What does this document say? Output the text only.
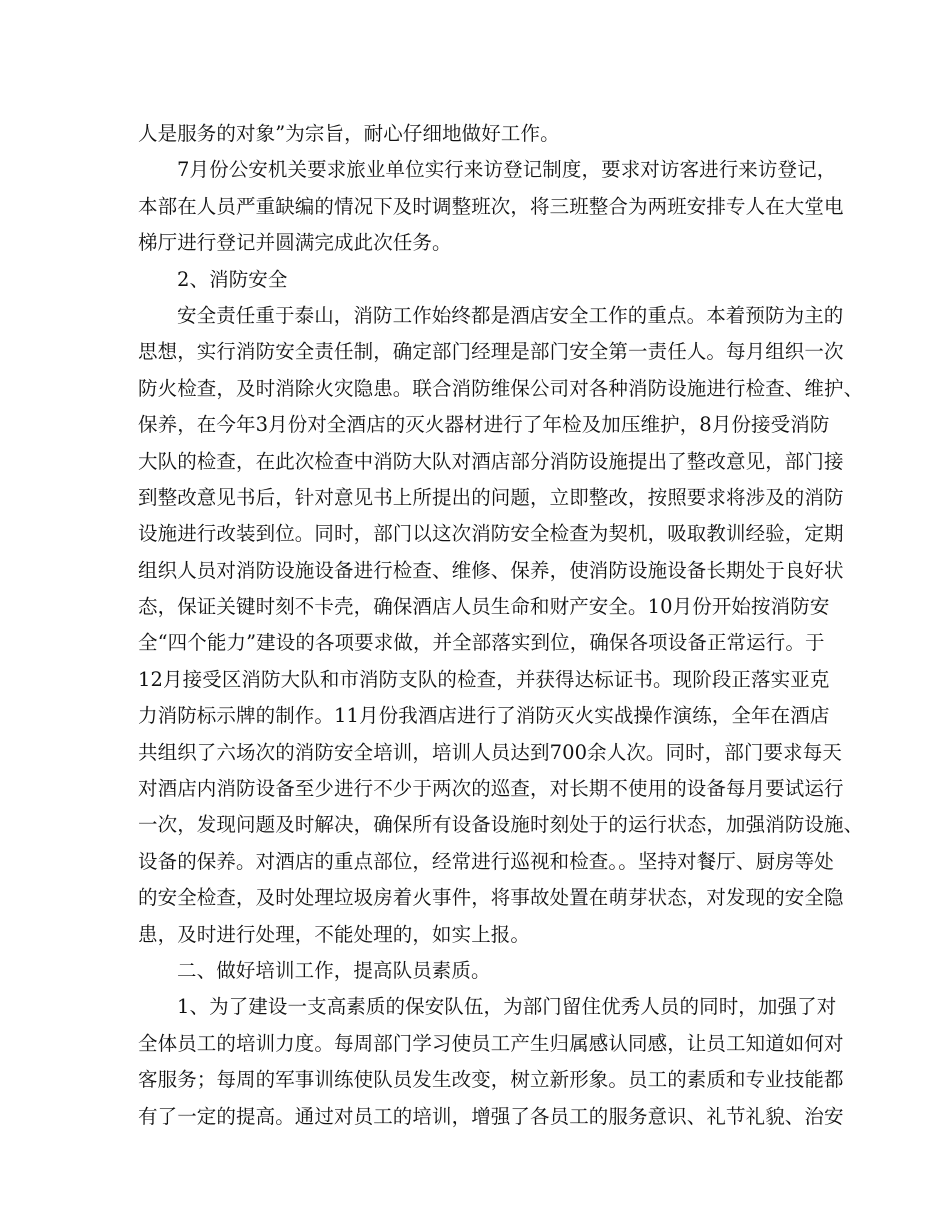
人是服务的对象”为宗旨，耐心仔细地做好工作。
7月份公安机关要求旅业单位实行来访登记制度，要求对访客进行来访登记，
本部在人员严重缺编的情况下及时调整班次，将三班整合为两班安排专人在大堂电
梯厅进行登记并圆满完成此次任务。
2、消防安全
安全责任重于泰山，消防工作始终都是酒店安全工作的重点。本着预防为主的
思想，实行消防安全责任制，确定部门经理是部门安全第一责任人。每月组织一次
防火检查，及时消除火灾隐患。联合消防维保公司对各种消防设施进行检查、维护、
保养，在今年3月份对全酒店的灭火器材进行了年检及加压维护，8月份接受消防
大队的检查，在此次检查中消防大队对酒店部分消防设施提出了整改意见，部门接
到整改意见书后，针对意见书上所提出的问题，立即整改，按照要求将涉及的消防
设施进行改装到位。同时，部门以这次消防安全检查为契机，吸取教训经验，定期
组织人员对消防设施设备进行检查、维修、保养，使消防设施设备长期处于良好状
态，保证关键时刻不卡壳，确保酒店人员生命和财产安全。10月份开始按消防安
全“四个能力”建设的各项要求做，并全部落实到位，确保各项设备正常运行。于
12月接受区消防大队和市消防支队的检查，并获得达标证书。现阶段正落实亚克
力消防标示牌的制作。11月份我酒店进行了消防灭火实战操作演练，全年在酒店
共组织了六场次的消防安全培训，培训人员达到700余人次。同时，部门要求每天
对酒店内消防设备至少进行不少于两次的巡查，对长期不使用的设备每月要试运行
一次，发现问题及时解决，确保所有设备设施时刻处于的运行状态，加强消防设施、
设备的保养。对酒店的重点部位，经常进行巡视和检查。。坚持对餐厅、厨房等处
的安全检查，及时处理垃圾房着火事件，将事故处置在萌芽状态，对发现的安全隐
患，及时进行处理，不能处理的，如实上报。
二、做好培训工作，提高队员素质。
1、为了建设一支高素质的保安队伍，为部门留住优秀人员的同时，加强了对
全体员工的培训力度。每周部门学习使员工产生归属感认同感，让员工知道如何对
客服务；每周的军事训练使队员发生改变，树立新形象。员工的素质和专业技能都
有了一定的提高。通过对员工的培训，增强了各员工的服务意识、礼节礼貌、治安
